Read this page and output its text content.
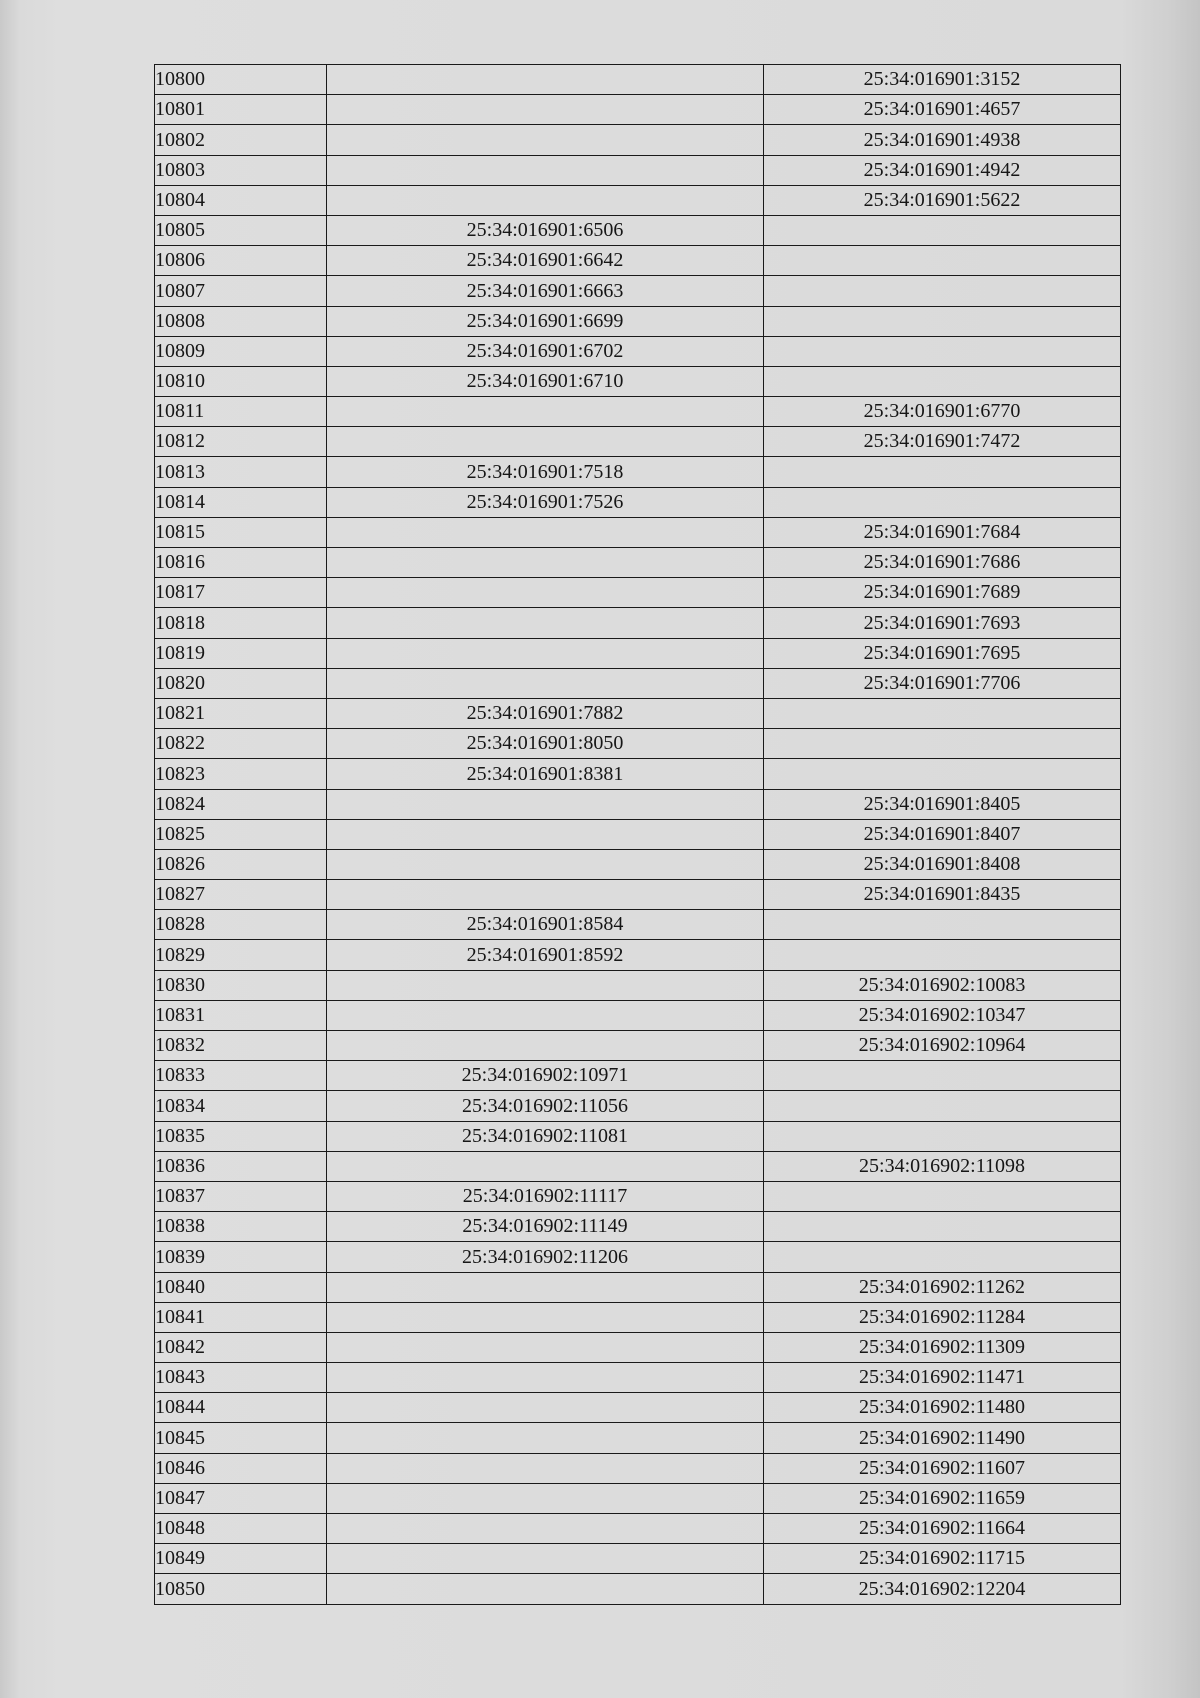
10800		25:34:016901:3152
10801		25:34:016901:4657
10802		25:34:016901:4938
10803		25:34:016901:4942
10804		25:34:016901:5622
10805	25:34:016901:6506	
10806	25:34:016901:6642	
10807	25:34:016901:6663	
10808	25:34:016901:6699	
10809	25:34:016901:6702	
10810	25:34:016901:6710	
10811		25:34:016901:6770
10812		25:34:016901:7472
10813	25:34:016901:7518	
10814	25:34:016901:7526	
10815		25:34:016901:7684
10816		25:34:016901:7686
10817		25:34:016901:7689
10818		25:34:016901:7693
10819		25:34:016901:7695
10820		25:34:016901:7706
10821	25:34:016901:7882	
10822	25:34:016901:8050	
10823	25:34:016901:8381	
10824		25:34:016901:8405
10825		25:34:016901:8407
10826		25:34:016901:8408
10827		25:34:016901:8435
10828	25:34:016901:8584	
10829	25:34:016901:8592	
10830		25:34:016902:10083
10831		25:34:016902:10347
10832		25:34:016902:10964
10833	25:34:016902:10971	
10834	25:34:016902:11056	
10835	25:34:016902:11081	
10836		25:34:016902:11098
10837	25:34:016902:11117	
10838	25:34:016902:11149	
10839	25:34:016902:11206	
10840		25:34:016902:11262
10841		25:34:016902:11284
10842		25:34:016902:11309
10843		25:34:016902:11471
10844		25:34:016902:11480
10845		25:34:016902:11490
10846		25:34:016902:11607
10847		25:34:016902:11659
10848		25:34:016902:11664
10849		25:34:016902:11715
10850		25:34:016902:12204
